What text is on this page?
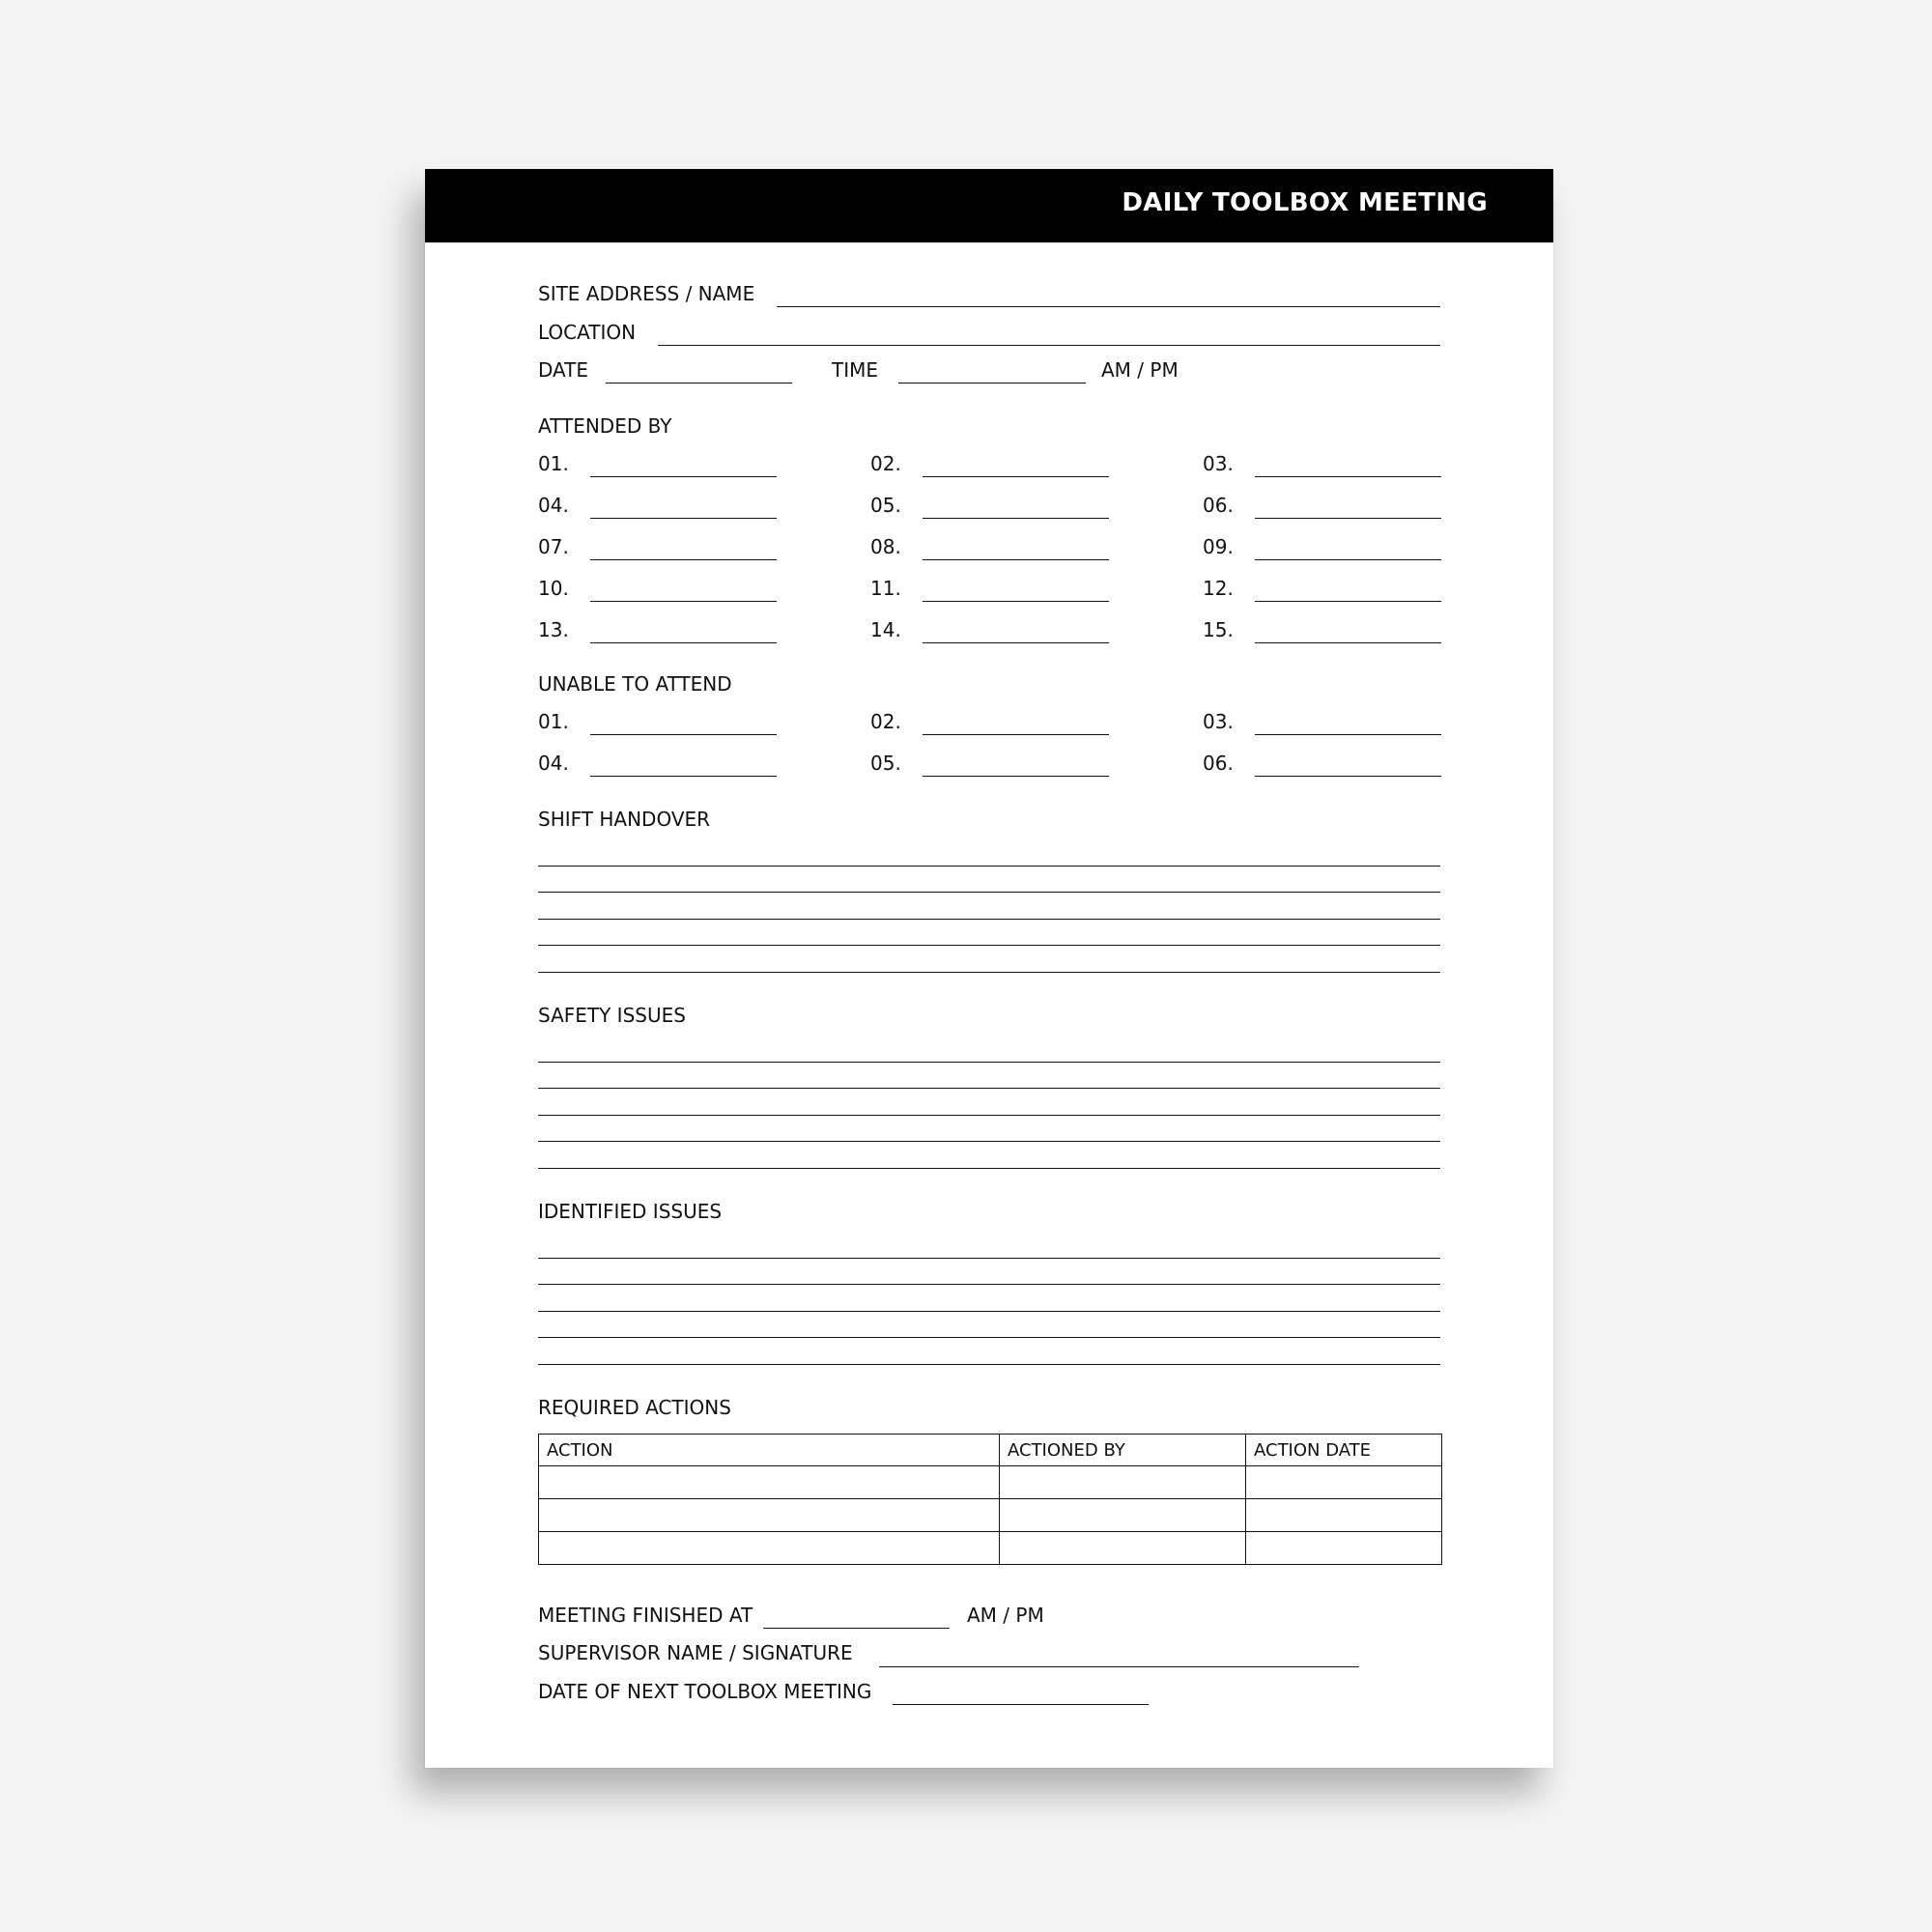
DAILY TOOLBOX MEETING
SITE ADDRESS / NAME
LOCATION
DATE	TIME	AM / PM
ATTENDED BY
UNABLE TO ATTEND
SHIFT HANDOVER
SAFETY ISSUES
IDENTIFIED ISSUES
REQUIRED ACTIONS
ACTION	ACTIONED BY	ACTION DATE

MEETING FINISHED AT	AM / PM
SUPERVISOR NAME / SIGNATURE
DATE OF NEXT TOOLBOX MEETING
01.	02.	03.
04.	05.	06.
07.	08.	09.
10.	11.	12.
13.	14.	15.
01.	02.	03.
04.	05.	06.
